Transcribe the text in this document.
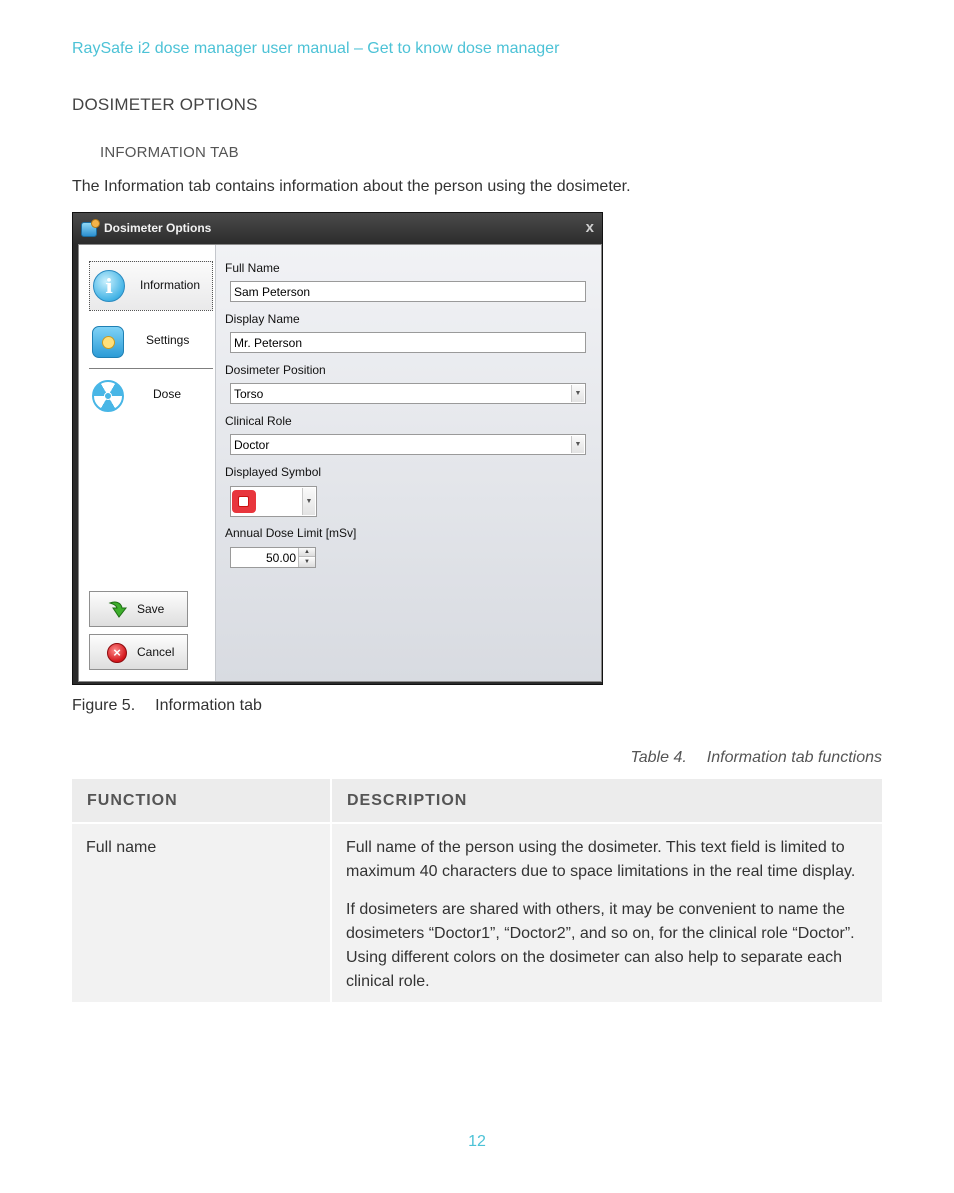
RaySafe i2 dose manager user manual – Get to know dose manager
DOSIMETER OPTIONS
INFORMATION TAB
The Information tab contains information about the person using the dosimeter.
Dosimeter Options	x
i	Information
Settings
Dose
Save
×	Cancel
Full Name
Sam Peterson
Display Name
Mr. Peterson
Dosimeter Position
Torso	▼
Clinical Role
Doctor	▼
Displayed Symbol
▼
Annual Dose Limit [mSv]
50.00
▲
▼
Figure 5. Information tab
Table 4. Information tab functions
FUNCTION	DESCRIPTION
Full name	Full name of the person using the dosimeter. This text field is limited to maximum 40 characters due to space limitations in the real time display.

If dosimeters are shared with others, it may be convenient to name the dosimeters “Doctor1”, “Doctor2”, and so on, for the clinical role “Doctor”. Using different colors on the dosimeter can also help to separate each clinical role.

12
